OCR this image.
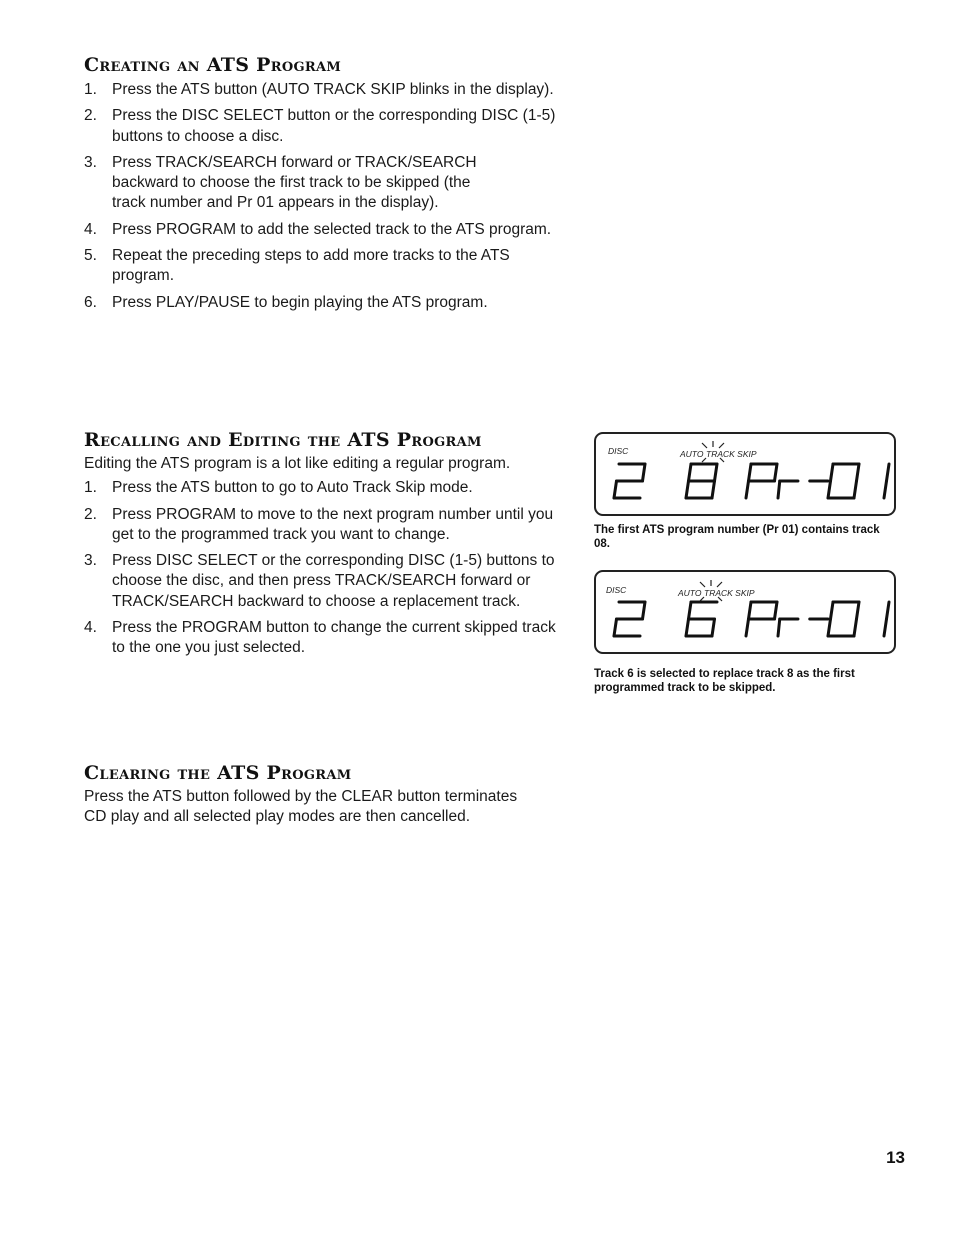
Creating an ATS Program
1. Press the ATS button (AUTO TRACK SKIP blinks in the display).
2. Press the DISC SELECT button or the corresponding DISC (1-5) buttons to choose a disc.
3. Press TRACK/SEARCH forward or TRACK/SEARCH backward to choose the first track to be skipped (the track number and Pr 01 appears in the display).
4. Press PROGRAM to add the selected track to the ATS program.
5. Repeat the preceding steps to add more tracks to the ATS program.
6. Press PLAY/PAUSE to begin playing the ATS program.
Recalling and Editing the ATS Program

Editing the ATS program is a lot like editing a regular program.

1. Press the ATS button to go to Auto Track Skip mode.
2. Press PROGRAM to move to the next program number until you get to the programmed track you want to change.
3. Press DISC SELECT or the corresponding DISC (1-5) buttons to choose the disc, and then press TRACK/SEARCH forward or TRACK/SEARCH backward to choose a replacement track.
4. Press the PROGRAM button to change the current skipped track to the one you just selected.
Clearing the ATS Program

Press the ATS button followed by the CLEAR button terminates CD play and all selected play modes are then cancelled.

DISC	AUTO TRACK SKIP

The first ATS program number (Pr 01) contains track 08.

DISC	AUTO TRACK SKIP

Track 6 is selected to replace track 8 as the first programmed track to be skipped.

13
